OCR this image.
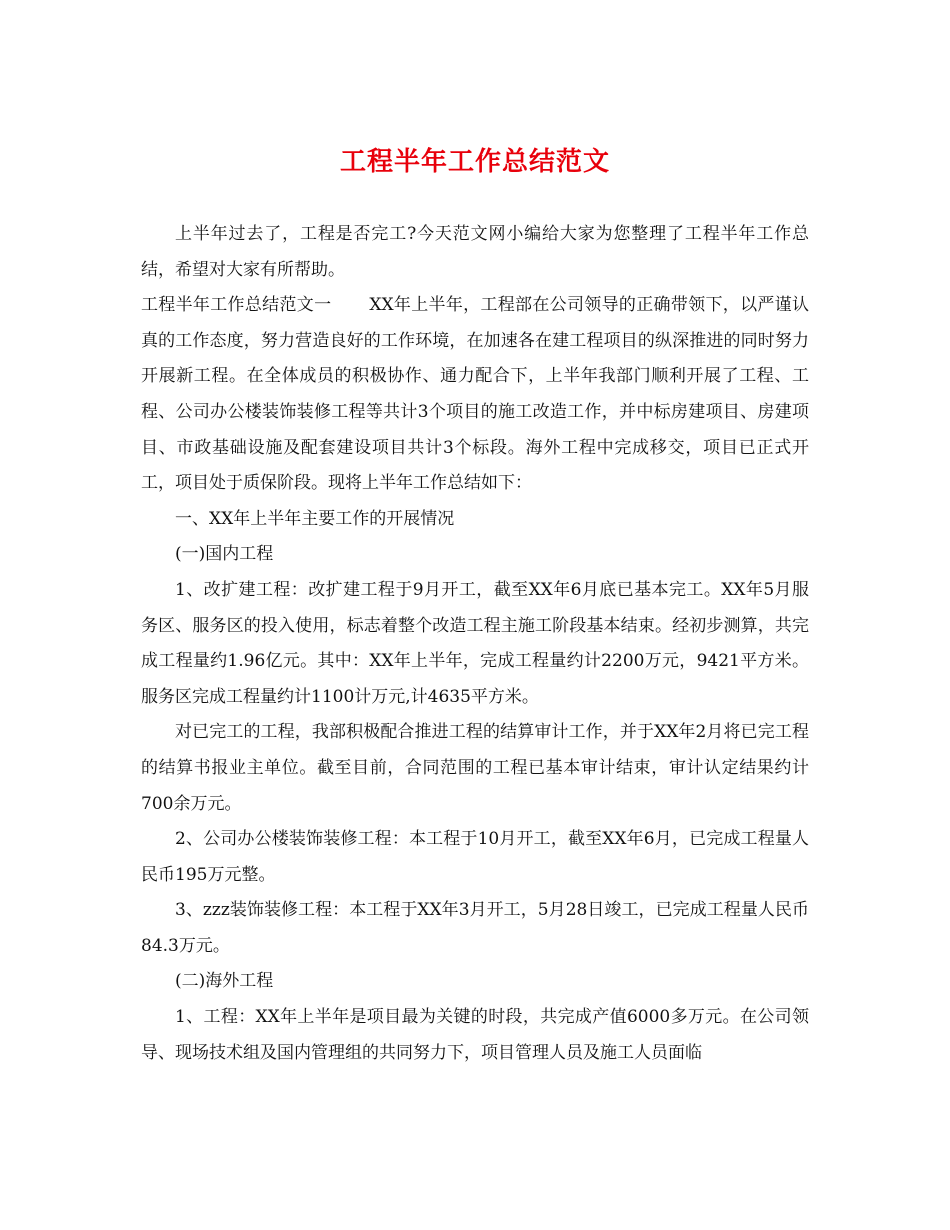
工程半年工作总结范文

上半年过去了，工程是否完工?今天范文网小编给大家为您整理了工程半年工作总结，希望对大家有所帮助。

工程半年工作总结范文一 XX年上半年，工程部在公司领导的正确带领下，以严谨认真的工作态度，努力营造良好的工作环境，在加速各在建工程项目的纵深推进的同时努力开展新工程。在全体成员的积极协作、通力配合下，上半年我部门顺利开展了工程、工程、公司办公楼装饰装修工程等共计3个项目的施工改造工作，并中标房建项目、房建项目、市政基础设施及配套建设项目共计3个标段。海外工程中完成移交，项目已正式开工，项目处于质保阶段。现将上半年工作总结如下：

一、XX年上半年主要工作的开展情况

(一)国内工程

1、改扩建工程：改扩建工程于9月开工，截至XX年6月底已基本完工。XX年5月服务区、服务区的投入使用，标志着整个改造工程主施工阶段基本结束。经初步测算，共完成工程量约1.96亿元。其中：XX年上半年，完成工程量约计2200万元，9421平方米。服务区完成工程量约计1100计万元,计4635平方米。

对已完工的工程，我部积极配合推进工程的结算审计工作，并于XX年2月将已完工程的结算书报业主单位。截至目前，合同范围的工程已基本审计结束，审计认定结果约计700余万元。

2、公司办公楼装饰装修工程：本工程于10月开工，截至XX年6月，已完成工程量人民币195万元整。

3、zzz装饰装修工程：本工程于XX年3月开工，5月28日竣工，已完成工程量人民币84.3万元。

(二)海外工程

1、工程：XX年上半年是项目最为关键的时段，共完成产值6000多万元。在公司领导、现场技术组及国内管理组的共同努力下，项目管理人员及施工人员面临
